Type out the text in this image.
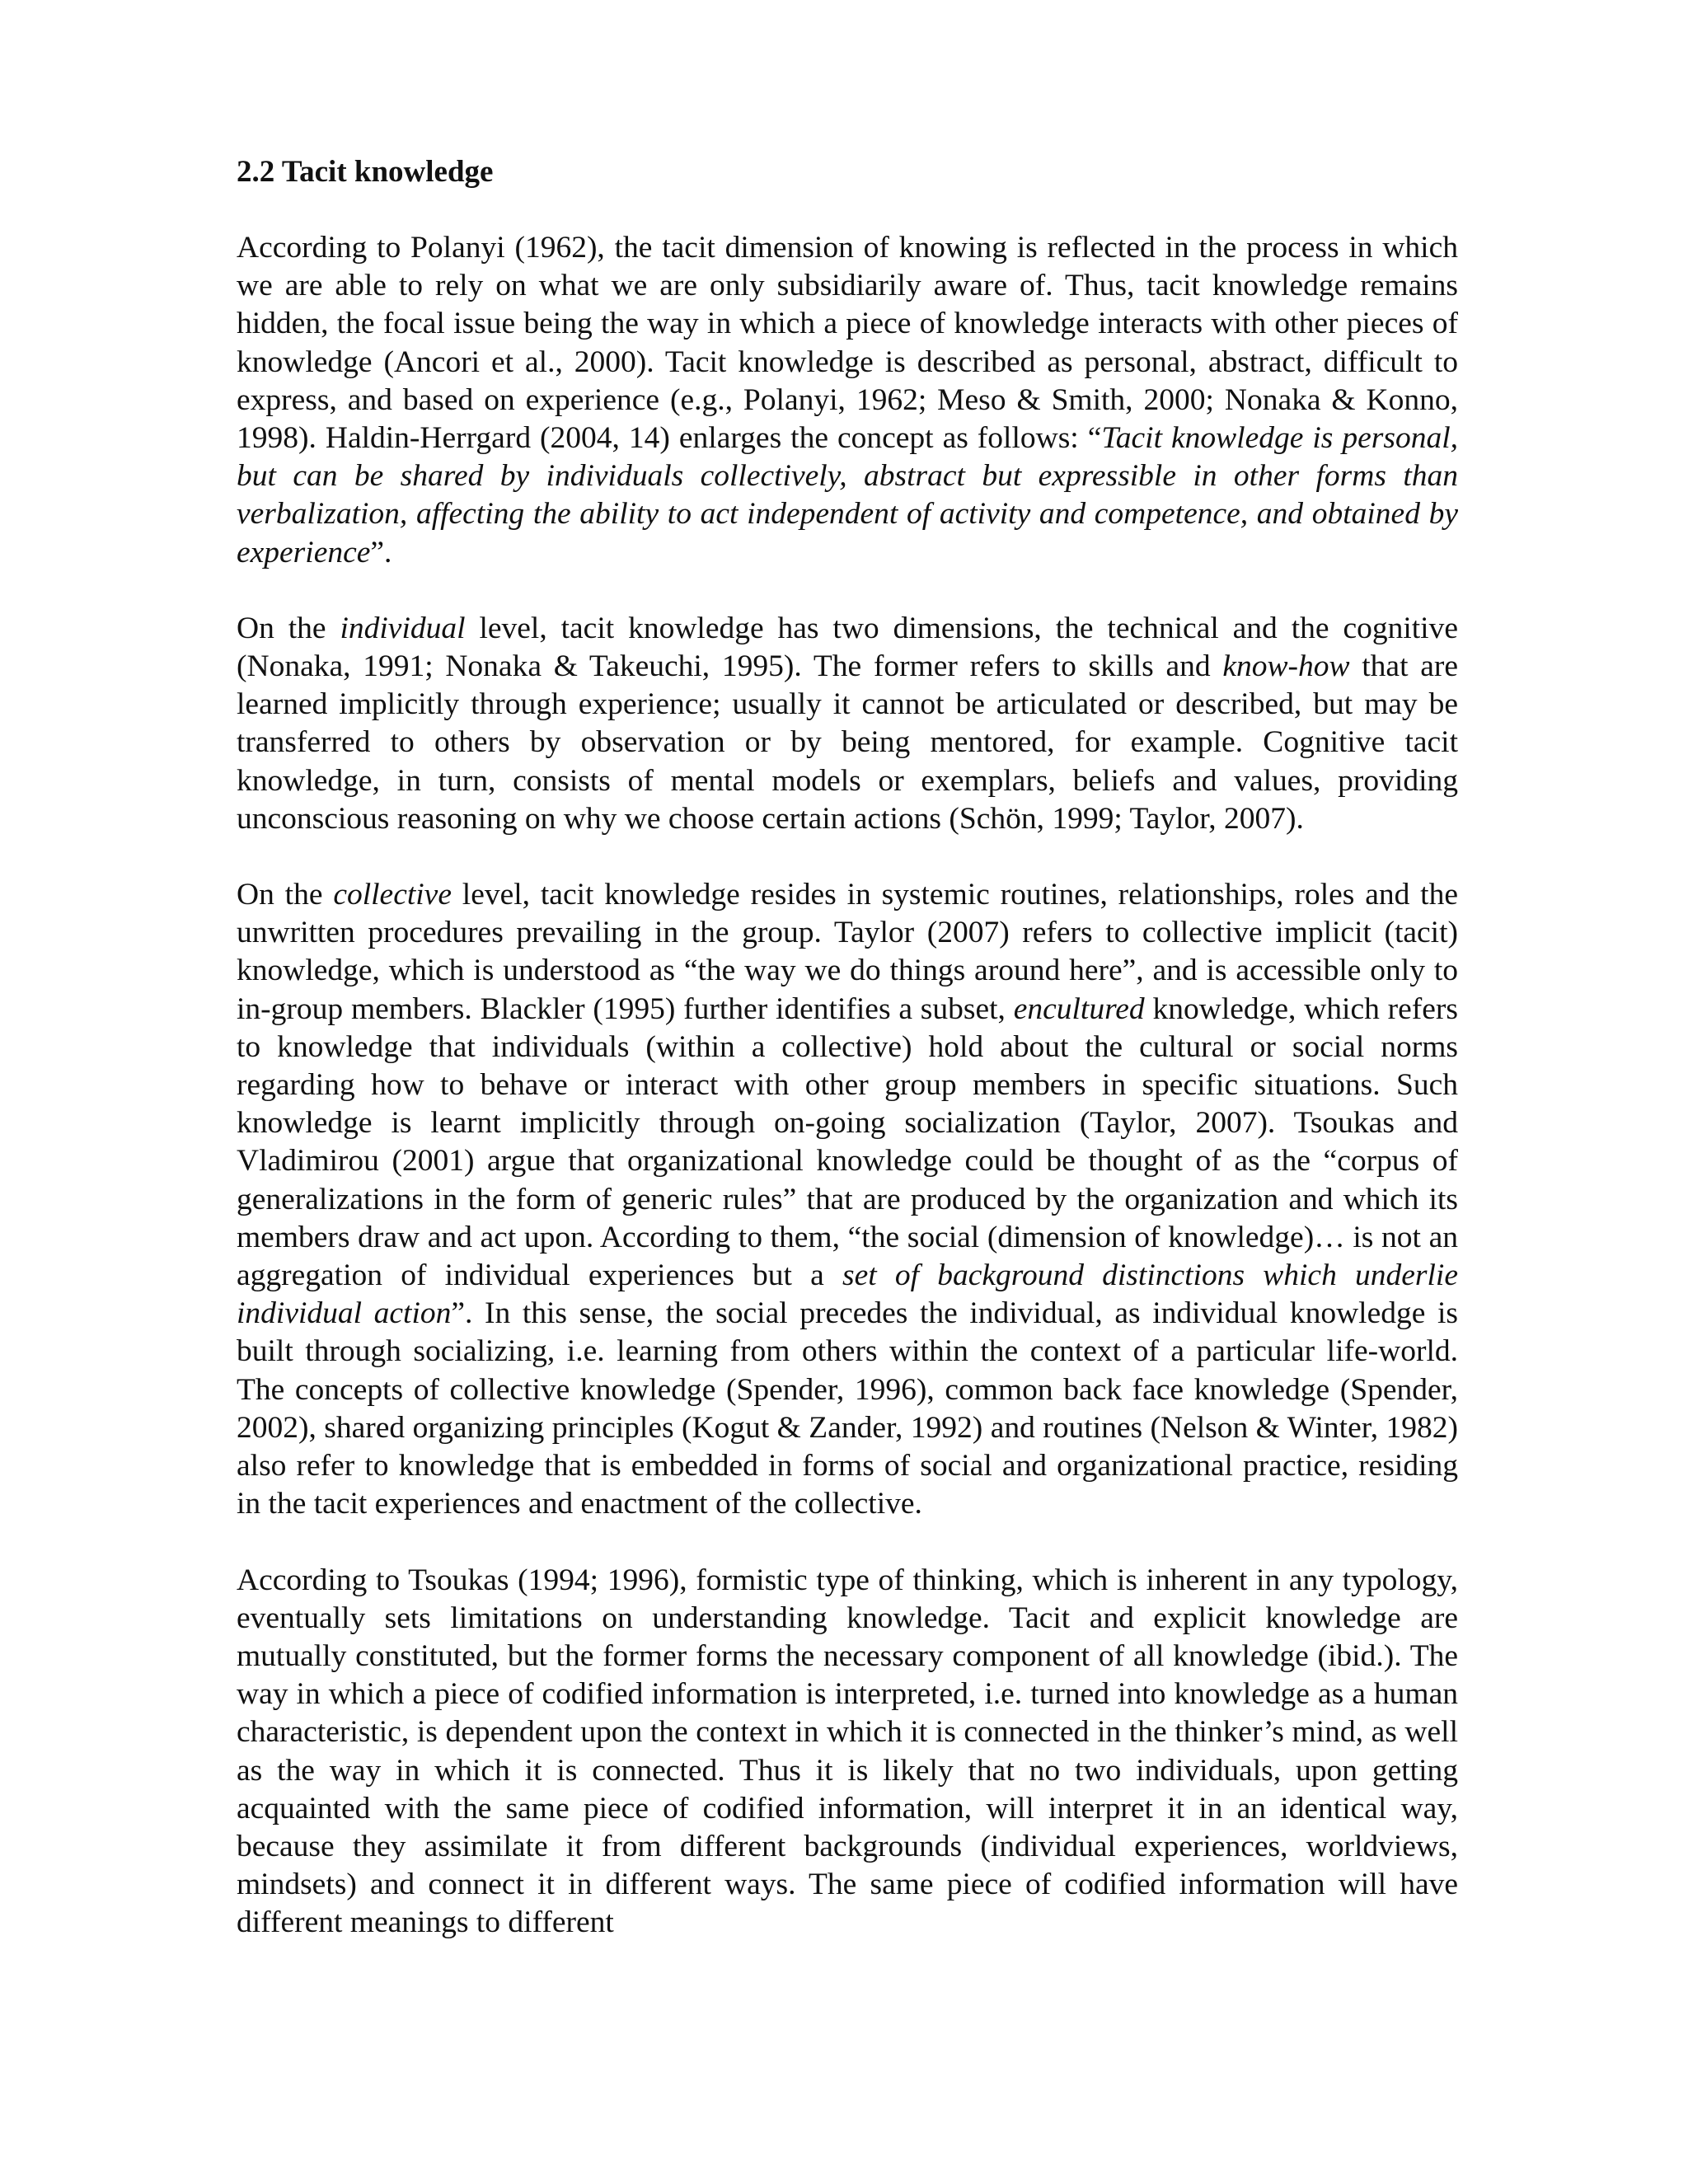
2.2 Tacit knowledge

According to Polanyi (1962), the tacit dimension of knowing is reflected in the process in which we are able to rely on what we are only subsidiarily aware of. Thus, tacit knowledge remains hidden, the focal issue being the way in which a piece of knowledge interacts with other pieces of knowledge (Ancori et al., 2000). Tacit knowledge is described as personal, abstract, difficult to express, and based on experience (e.g., Polanyi, 1962; Meso & Smith, 2000; Nonaka & Konno, 1998). Haldin-Herrgard (2004, 14) enlarges the concept as follows: “Tacit knowledge is personal, but can be shared by individuals collectively, abstract but expressible in other forms than verbalization, affecting the ability to act independent of activity and competence, and obtained by experience”.

On the individual level, tacit knowledge has two dimensions, the technical and the cognitive (Nonaka, 1991; Nonaka & Takeuchi, 1995). The former refers to skills and know-how that are learned implicitly through experience; usually it cannot be articulated or described, but may be transferred to others by observation or by being mentored, for example. Cognitive tacit knowledge, in turn, consists of mental models or exemplars, beliefs and values, providing unconscious reasoning on why we choose certain actions (Schön, 1999; Taylor, 2007).

On the collective level, tacit knowledge resides in systemic routines, relationships, roles and the unwritten procedures prevailing in the group. Taylor (2007) refers to collective implicit (tacit) knowledge, which is understood as “the way we do things around here”, and is accessible only to in-group members. Blackler (1995) further identifies a subset, encultured knowledge, which refers to knowledge that individuals (within a collective) hold about the cultural or social norms regarding how to behave or interact with other group members in specific situations. Such knowledge is learnt implicitly through on-going socialization (Taylor, 2007). Tsoukas and Vladimirou (2001) argue that organizational knowledge could be thought of as the “corpus of generalizations in the form of generic rules” that are produced by the organization and which its members draw and act upon. According to them, “the social (dimension of knowledge)… is not an aggregation of individual experiences but a set of background distinctions which underlie individual action”. In this sense, the social precedes the individual, as individual knowledge is built through socializing, i.e. learning from others within the context of a particular life-world. The concepts of collective knowledge (Spender, 1996), common back face knowledge (Spender, 2002), shared organizing principles (Kogut & Zander, 1992) and routines (Nelson & Winter, 1982) also refer to knowledge that is embedded in forms of social and organizational practice, residing in the tacit experiences and enactment of the collective.

According to Tsoukas (1994; 1996), formistic type of thinking, which is inherent in any typology, eventually sets limitations on understanding knowledge. Tacit and explicit knowledge are mutually constituted, but the former forms the necessary component of all knowledge (ibid.). The way in which a piece of codified information is interpreted, i.e. turned into knowledge as a human characteristic, is dependent upon the context in which it is connected in the thinker’s mind, as well as the way in which it is connected. Thus it is likely that no two individuals, upon getting acquainted with the same piece of codified information, will interpret it in an identical way, because they assimilate it from different backgrounds (individual experiences, worldviews, mindsets) and connect it in different ways. The same piece of codified information will have different meanings to different
